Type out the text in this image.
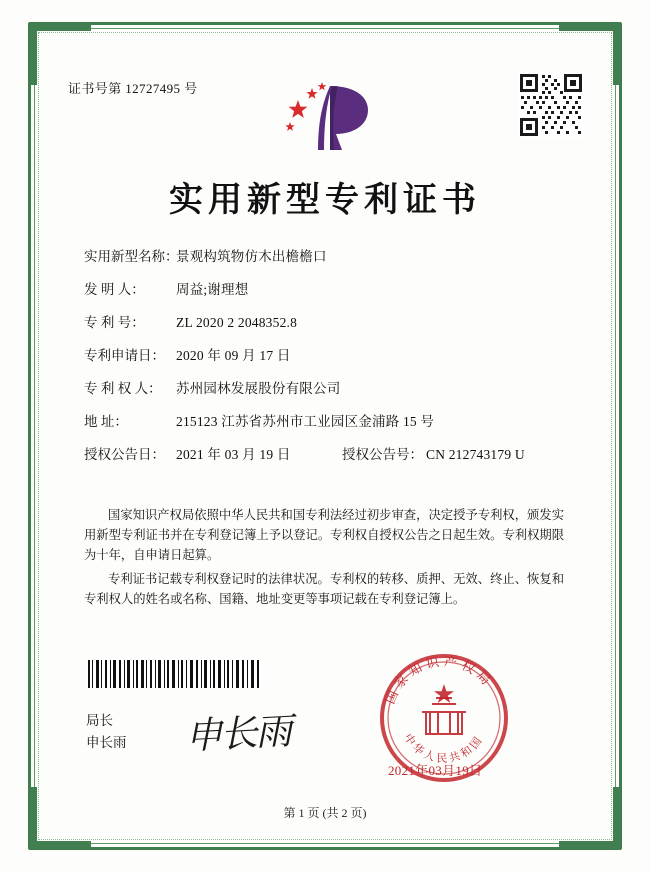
证书号第 12727495 号
实用新型专利证书
实用新型名称：
景观构筑物仿木出檐檐口
发 明 人：	周益;谢理想
专 利 号：	ZL 2020 2 2048352.8
专利申请日： 2020 年 09 月 17 日
专 利 权 人：	苏州园林发展股份有限公司
地 址：	215123 江苏省苏州市工业园区金浦路 15 号
授权公告日： 2021 年 03 月 19 日	授权公告号： CN 212743179 U

国家知识产权局依照中华人民共和国专利法经过初步审查，决定授予专利权，颁发实用新型专利证书并在专利登记簿上予以登记。专利权自授权公告之日起生效。专利权期限为十年，自申请日起算。

专利证书记载专利权登记时的法律状况。专利权的转移、质押、无效、终止、恢复和专利权人的姓名或名称、国籍、地址变更等事项记载在专利登记簿上。

局长
申长雨 申长雨
国家知识产权局
中华人民共和国
2021年03月19日
第 1 页 (共 2 页)
